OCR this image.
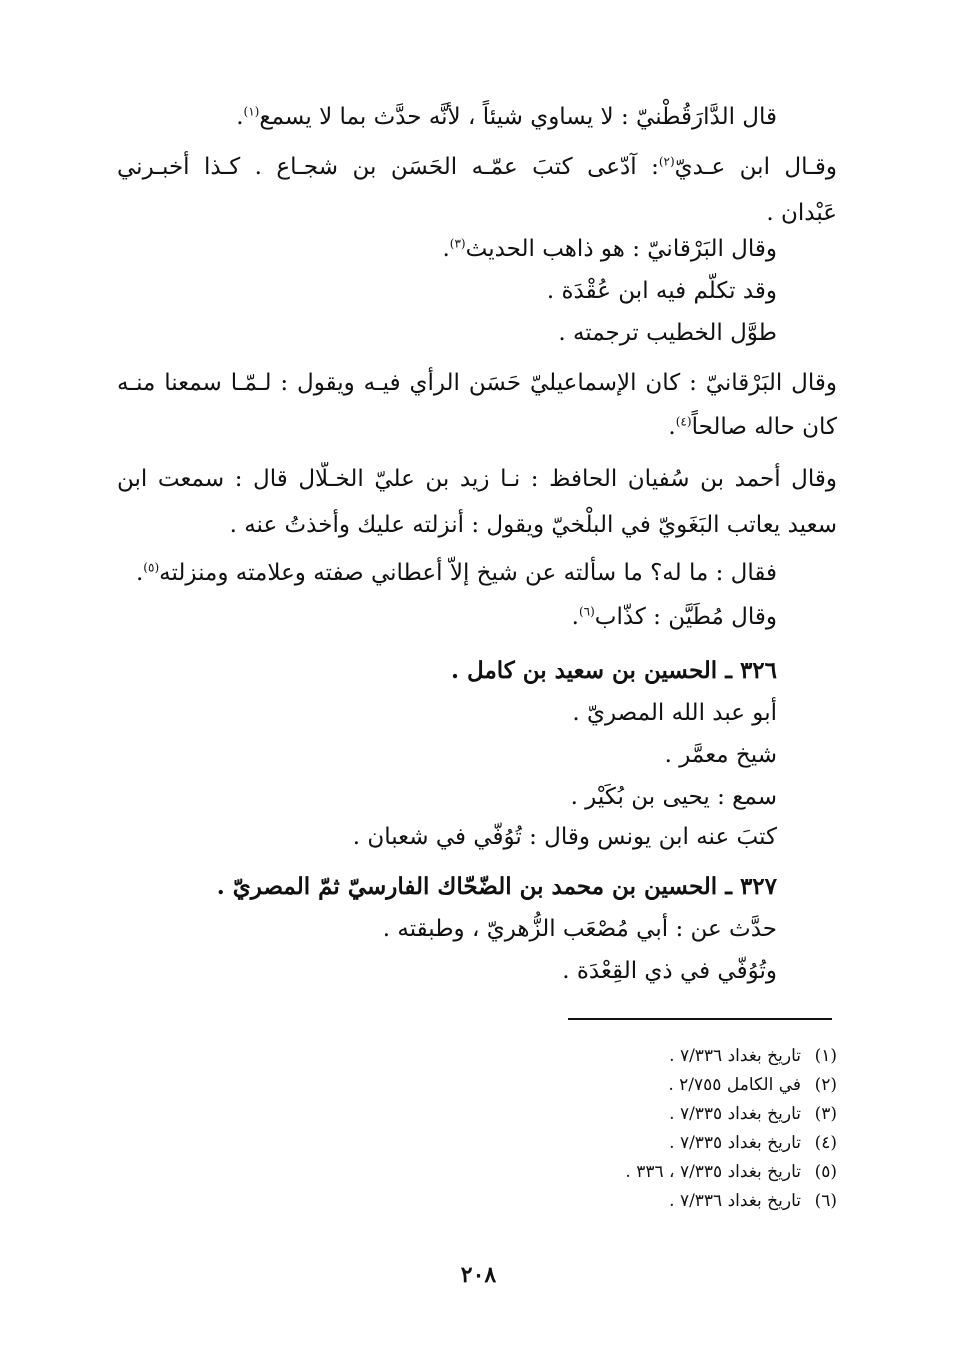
قال الدَّارَقُطْنيّ : لا يساوي شيئاً ، لأنَّه حدَّث بما لا يسمع$^{(١)}$.

وقـال ابن عـديّ$^{(٢)}$: آدّعى كتبَ عمّـه الحَسَن بن شجـاع . كـذا أخبـرني

عَبْدان .

وقال البَرْقانيّ : هو ذاهب الحديث$^{(٣)}$.

وقد تكلّم فيه ابن عُقْدَة .

طوَّل الخطيب ترجمته .

وقال البَرْقانيّ : كان الإسماعيليّ حَسَن الرأي فيـه ويقول : لـمّـا سمعنا منـه

كان حاله صالحاً$^{(٤)}$.

وقال أحمد بن سُفيان الحافظ : نـا زيد بن عليّ الخـلّال قال : سمعت ابن

سعيد يعاتب البَغَويّ في البلْخيّ ويقول : أنزلته عليك وأخذتُ عنه .

فقال : ما له؟ ما سألته عن شيخ إلاّ أعطاني صفته وعلامته ومنزلته$^{(٥)}$.

وقال مُطَيَّن : كذّاب$^{(٦)}$.

٣٢٦ ـ الحسين بن سعيد بن كامل .

أبو عبد الله المصريّ .

شيخ معمَّر .

سمع : يحيى بن بُكَيْر .

كتبَ عنه ابن يونس وقال : تُوُفّي في شعبان .

٣٢٧ ـ الحسين بن محمد بن الضّحّاك الفارسيّ ثمّ المصريّ .

حدَّث عن : أبي مُصْعَب الزُّهريّ ، وطبقته .

وتُوُفّي في ذي القِعْدَة .

(١)تاريخ بغداد ٧/٣٣٦ .
(٢)في الكامل ٢/٧٥٥ .
(٣)تاريخ بغداد ٧/٣٣٥ .
(٤)تاريخ بغداد ٧/٣٣٥ .
(٥)تاريخ بغداد ٧/٣٣٥ ، ٣٣٦ .
(٦)تاريخ بغداد ٧/٣٣٦ .
٢٠٨
